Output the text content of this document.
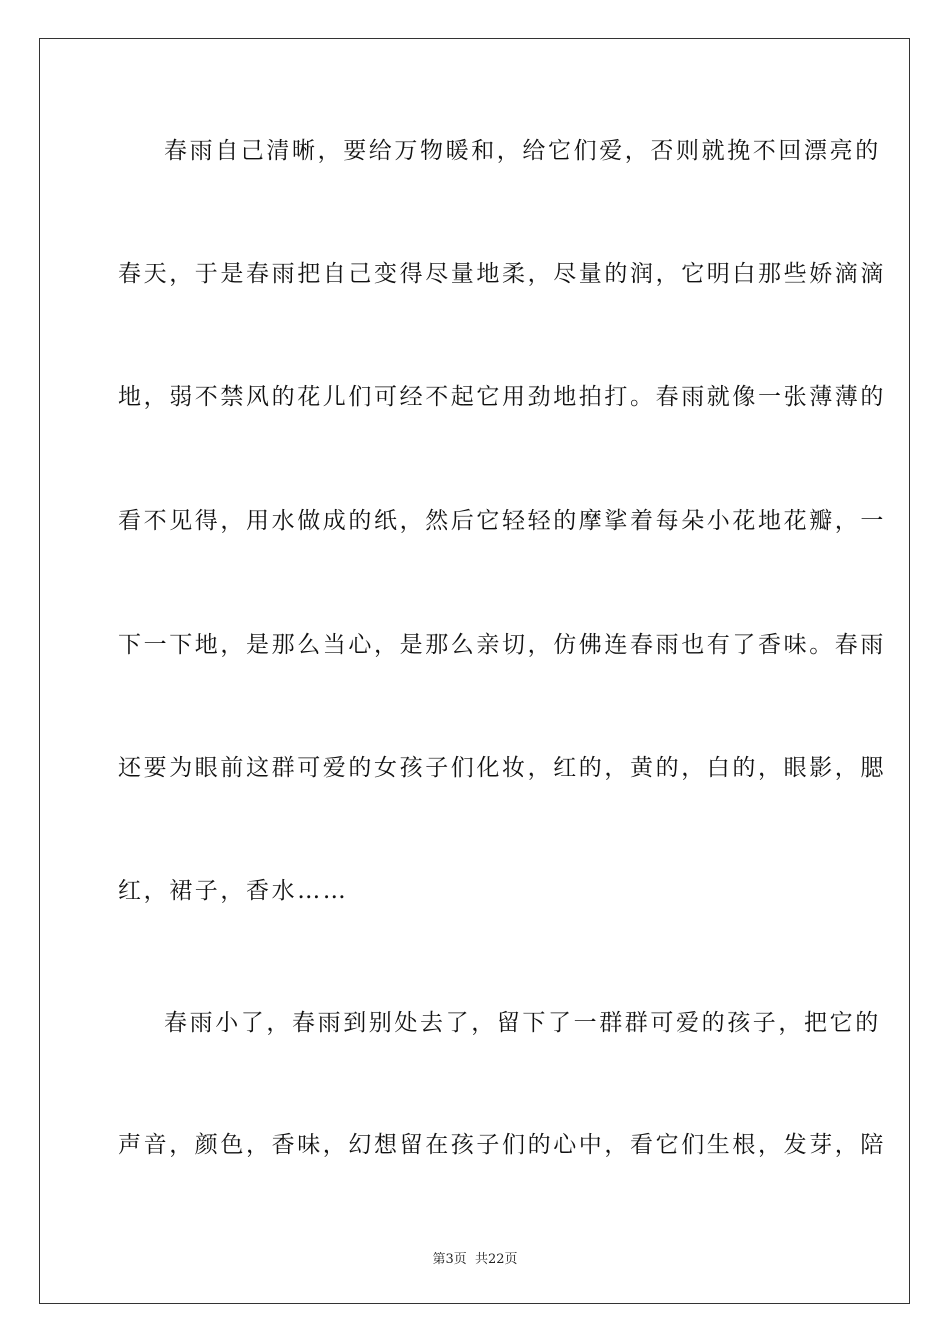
春雨自己清晰，要给万物暖和，给它们爱，否则就挽不回漂亮的
春天，于是春雨把自己变得尽量地柔，尽量的润，它明白那些娇滴滴
地，弱不禁风的花儿们可经不起它用劲地拍打。春雨就像一张薄薄的
看不见得，用水做成的纸，然后它轻轻的摩挲着每朵小花地花瓣，一
下一下地，是那么当心，是那么亲切，仿佛连春雨也有了香味。春雨
还要为眼前这群可爱的女孩子们化妆，红的，黄的，白的，眼影，腮
红，裙子，香水……
春雨小了，春雨到别处去了，留下了一群群可爱的孩子，把它的
声音，颜色，香味，幻想留在孩子们的心中，看它们生根，发芽，陪
第3页  共22页
